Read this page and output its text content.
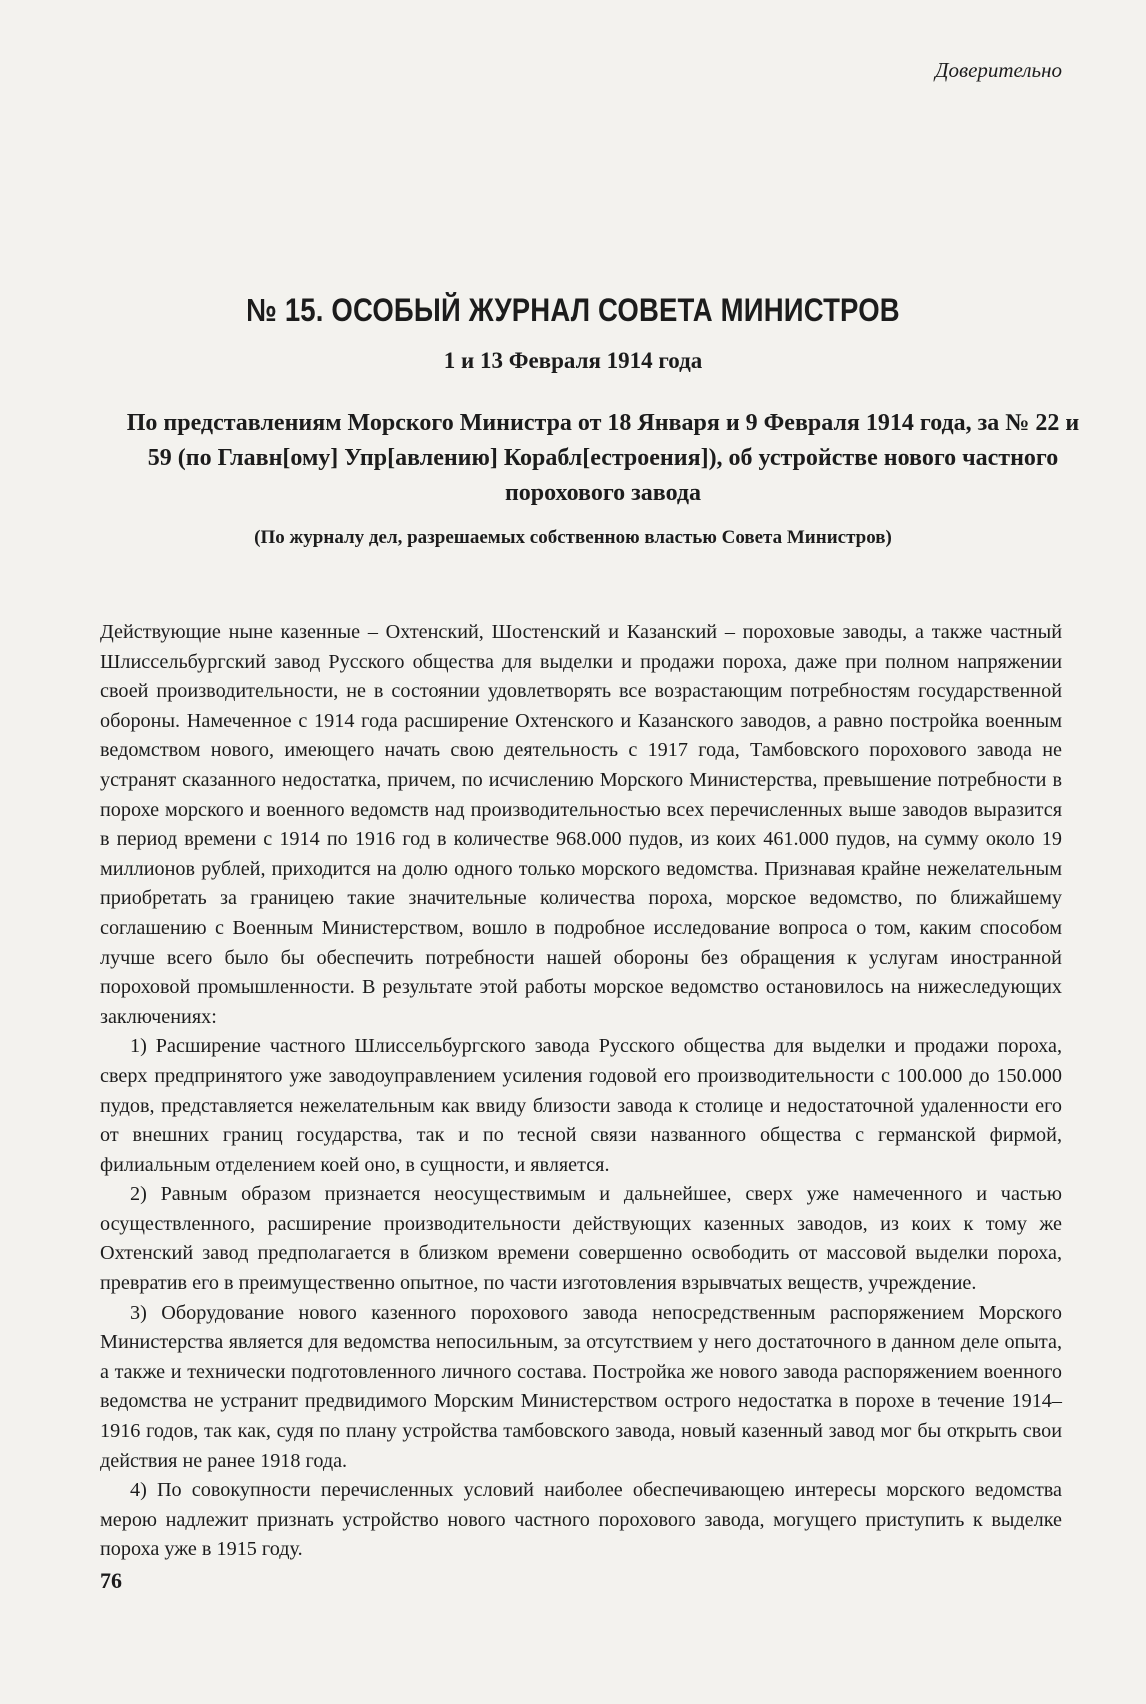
Доверительно

№ 15. ОСОБЫЙ ЖУРНАЛ СОВЕТА МИНИСТРОВ

1 и 13 Февраля 1914 года

По представлениям Морского Министра от 18 Января и 9 Февраля 1914 года, за № 22 и 59 (по Главн[ому] Упр[авлению] Корабл[естроения]), об устройстве нового частного порохового завода

(По журналу дел, разрешаемых собственною властью Совета Министров)

Действующие ныне казенные – Охтенский, Шостенский и Казанский – пороховые заводы, а также частный Шлиссельбургский завод Русского общества для выделки и продажи пороха, даже при полном напряжении своей производительности, не в состоянии удовлетворять все возрастающим потребностям государственной обороны. Намеченное с 1914 года расширение Охтенского и Казанского заводов, а равно постройка военным ведомством нового, имеющего начать свою деятельность с 1917 года, Тамбовского порохового завода не устранят сказанного недостатка, причем, по исчислению Морского Министерства, превышение потребности в порохе морского и военного ведомств над производительностью всех перечисленных выше заводов выразится в период времени с 1914 по 1916 год в количестве 968.000 пудов, из коих 461.000 пудов, на сумму около 19 миллионов рублей, приходится на долю одного только морского ведомства. Признавая крайне нежелательным приобретать за границею такие значительные количества пороха, морское ведомство, по ближайшему соглашению с Военным Министерством, вошло в подробное исследование вопроса о том, каким способом лучше всего было бы обеспечить потребности нашей обороны без обращения к услугам иностранной пороховой промышленности. В результате этой работы морское ведомство остановилось на нижеследующих заключениях:

1) Расширение частного Шлиссельбургского завода Русского общества для выделки и продажи пороха, сверх предпринятого уже заводоуправлением усиления годовой его производительности с 100.000 до 150.000 пудов, представляется нежелательным как ввиду близости завода к столице и недостаточной удаленности его от внешних границ государства, так и по тесной связи названного общества с германской фирмой, филиальным отделением коей оно, в сущности, и является.

2) Равным образом признается неосуществимым и дальнейшее, сверх уже намеченного и частью осуществленного, расширение производительности действующих казенных заводов, из коих к тому же Охтенский завод предполагается в близком времени совершенно освободить от массовой выделки пороха, превратив его в преимущественно опытное, по части изготовления взрывчатых веществ, учреждение.

3) Оборудование нового казенного порохового завода непосредственным распоряжением Морского Министерства является для ведомства непосильным, за отсутствием у него достаточного в данном деле опыта, а также и технически подготовленного личного состава. Постройка же нового завода распоряжением военного ведомства не устранит предвидимого Морским Министерством острого недостатка в порохе в течение 1914–1916 годов, так как, судя по плану устройства тамбовского завода, новый казенный завод мог бы открыть свои действия не ранее 1918 года.

4) По совокупности перечисленных условий наиболее обеспечивающею интересы морского ведомства мерою надлежит признать устройство нового частного порохового завода, могущего приступить к выделке пороха уже в 1915 году.

76
